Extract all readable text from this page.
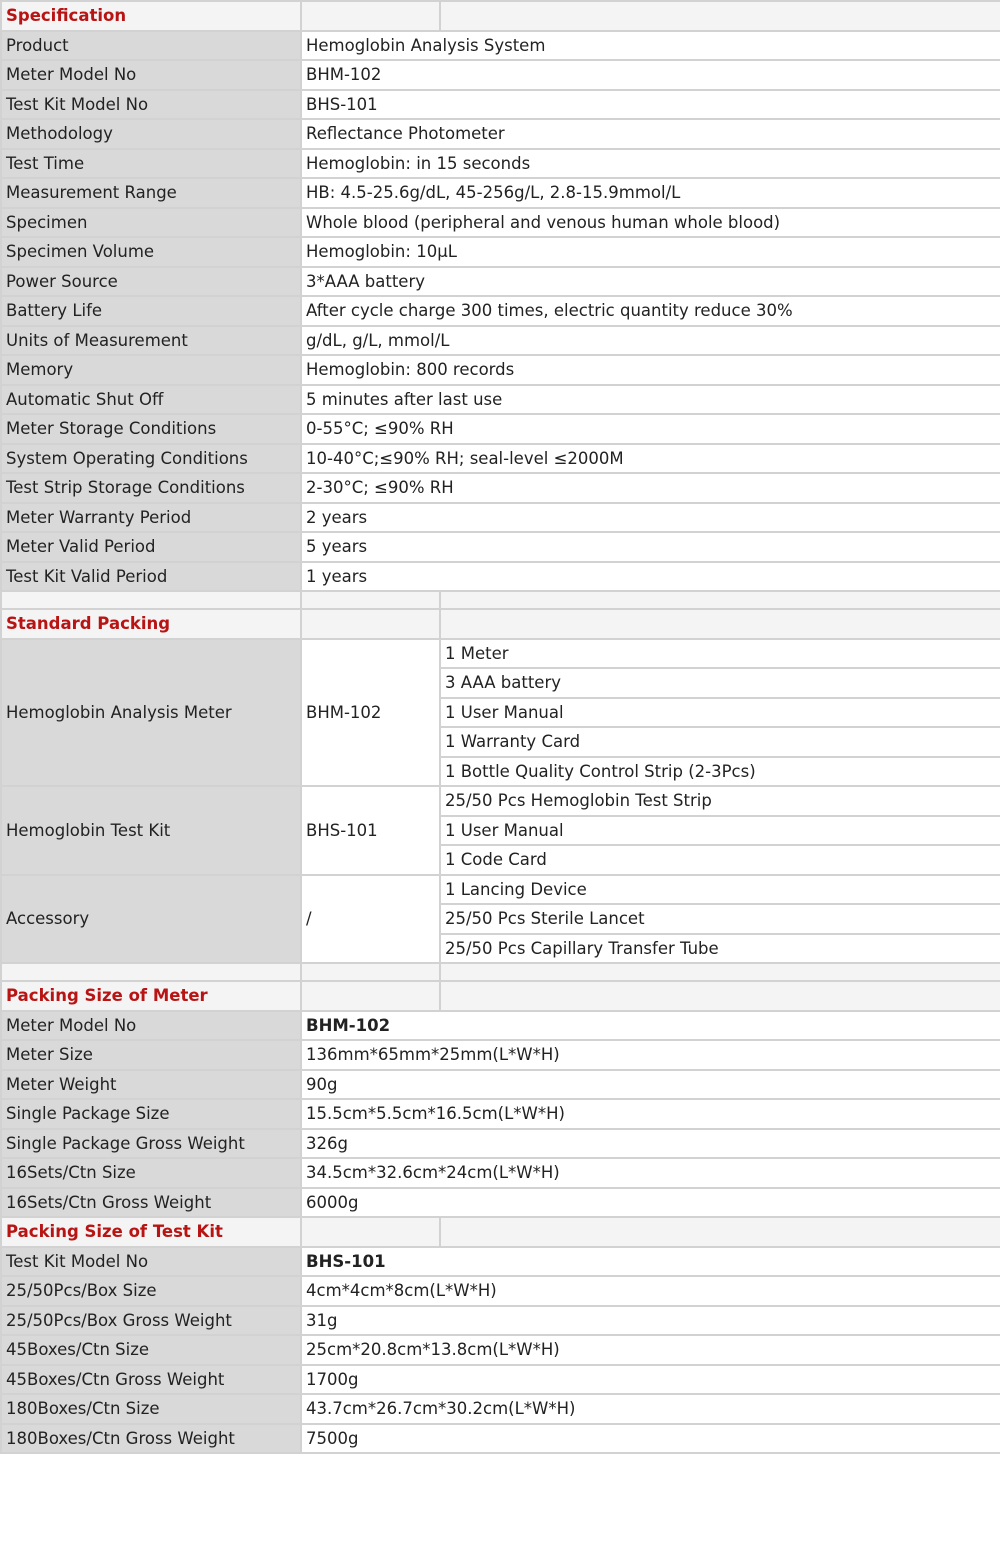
Specification		
Product	Hemoglobin Analysis System	
Meter Model No	BHM-102	
Test Kit Model No	BHS-101	
Methodology	Reflectance Photometer	
Test Time	Hemoglobin: in 15 seconds	
Measurement Range	HB: 4.5-25.6g/dL, 45-256g/L, 2.8-15.9mmol/L	
Specimen	Whole blood (peripheral and venous human whole blood)	
Specimen Volume	Hemoglobin: 10μL	
Power Source	3*AAA battery	
Battery Life	After cycle charge 300 times, electric quantity reduce 30%	
Units of Measurement	g/dL, g/L, mmol/L	
Memory	Hemoglobin: 800 records	
Automatic Shut Off	5 minutes after last use	
Meter Storage Conditions	0-55°C; ≤90% RH	
System Operating Conditions	10-40°C;≤90% RH; seal-level ≤2000M	
Test Strip Storage Conditions	2-30°C; ≤90% RH	
Meter Warranty Period	2 years	
Meter Valid Period	5 years	
Test Kit Valid Period	1 years	

Standard Packing		
Hemoglobin Analysis Meter	BHM-102	1 Meter
		3 AAA battery
		1 User Manual
		1 Warranty Card
		1 Bottle Quality Control Strip (2-3Pcs)
Hemoglobin Test Kit	BHS-101	25/50 Pcs Hemoglobin Test Strip
		1 User Manual
		1 Code Card
Accessory	/	1 Lancing Device
		25/50 Pcs Sterile Lancet
		25/50 Pcs Capillary Transfer Tube

Packing Size of Meter		
Meter Model No	BHM-102	
Meter Size	136mm*65mm*25mm(L*W*H)	
Meter Weight	90g	
Single Package Size	15.5cm*5.5cm*16.5cm(L*W*H)	
Single Package Gross Weight	326g	
16Sets/Ctn Size	34.5cm*32.6cm*24cm(L*W*H)	
16Sets/Ctn Gross Weight	6000g	
Packing Size of Test Kit		
Test Kit Model No	BHS-101	
25/50Pcs/Box Size	4cm*4cm*8cm(L*W*H)	
25/50Pcs/Box Gross Weight	31g	
45Boxes/Ctn Size	25cm*20.8cm*13.8cm(L*W*H)	
45Boxes/Ctn Gross Weight	1700g	
180Boxes/Ctn Size	43.7cm*26.7cm*30.2cm(L*W*H)	
180Boxes/Ctn Gross Weight	7500g	
